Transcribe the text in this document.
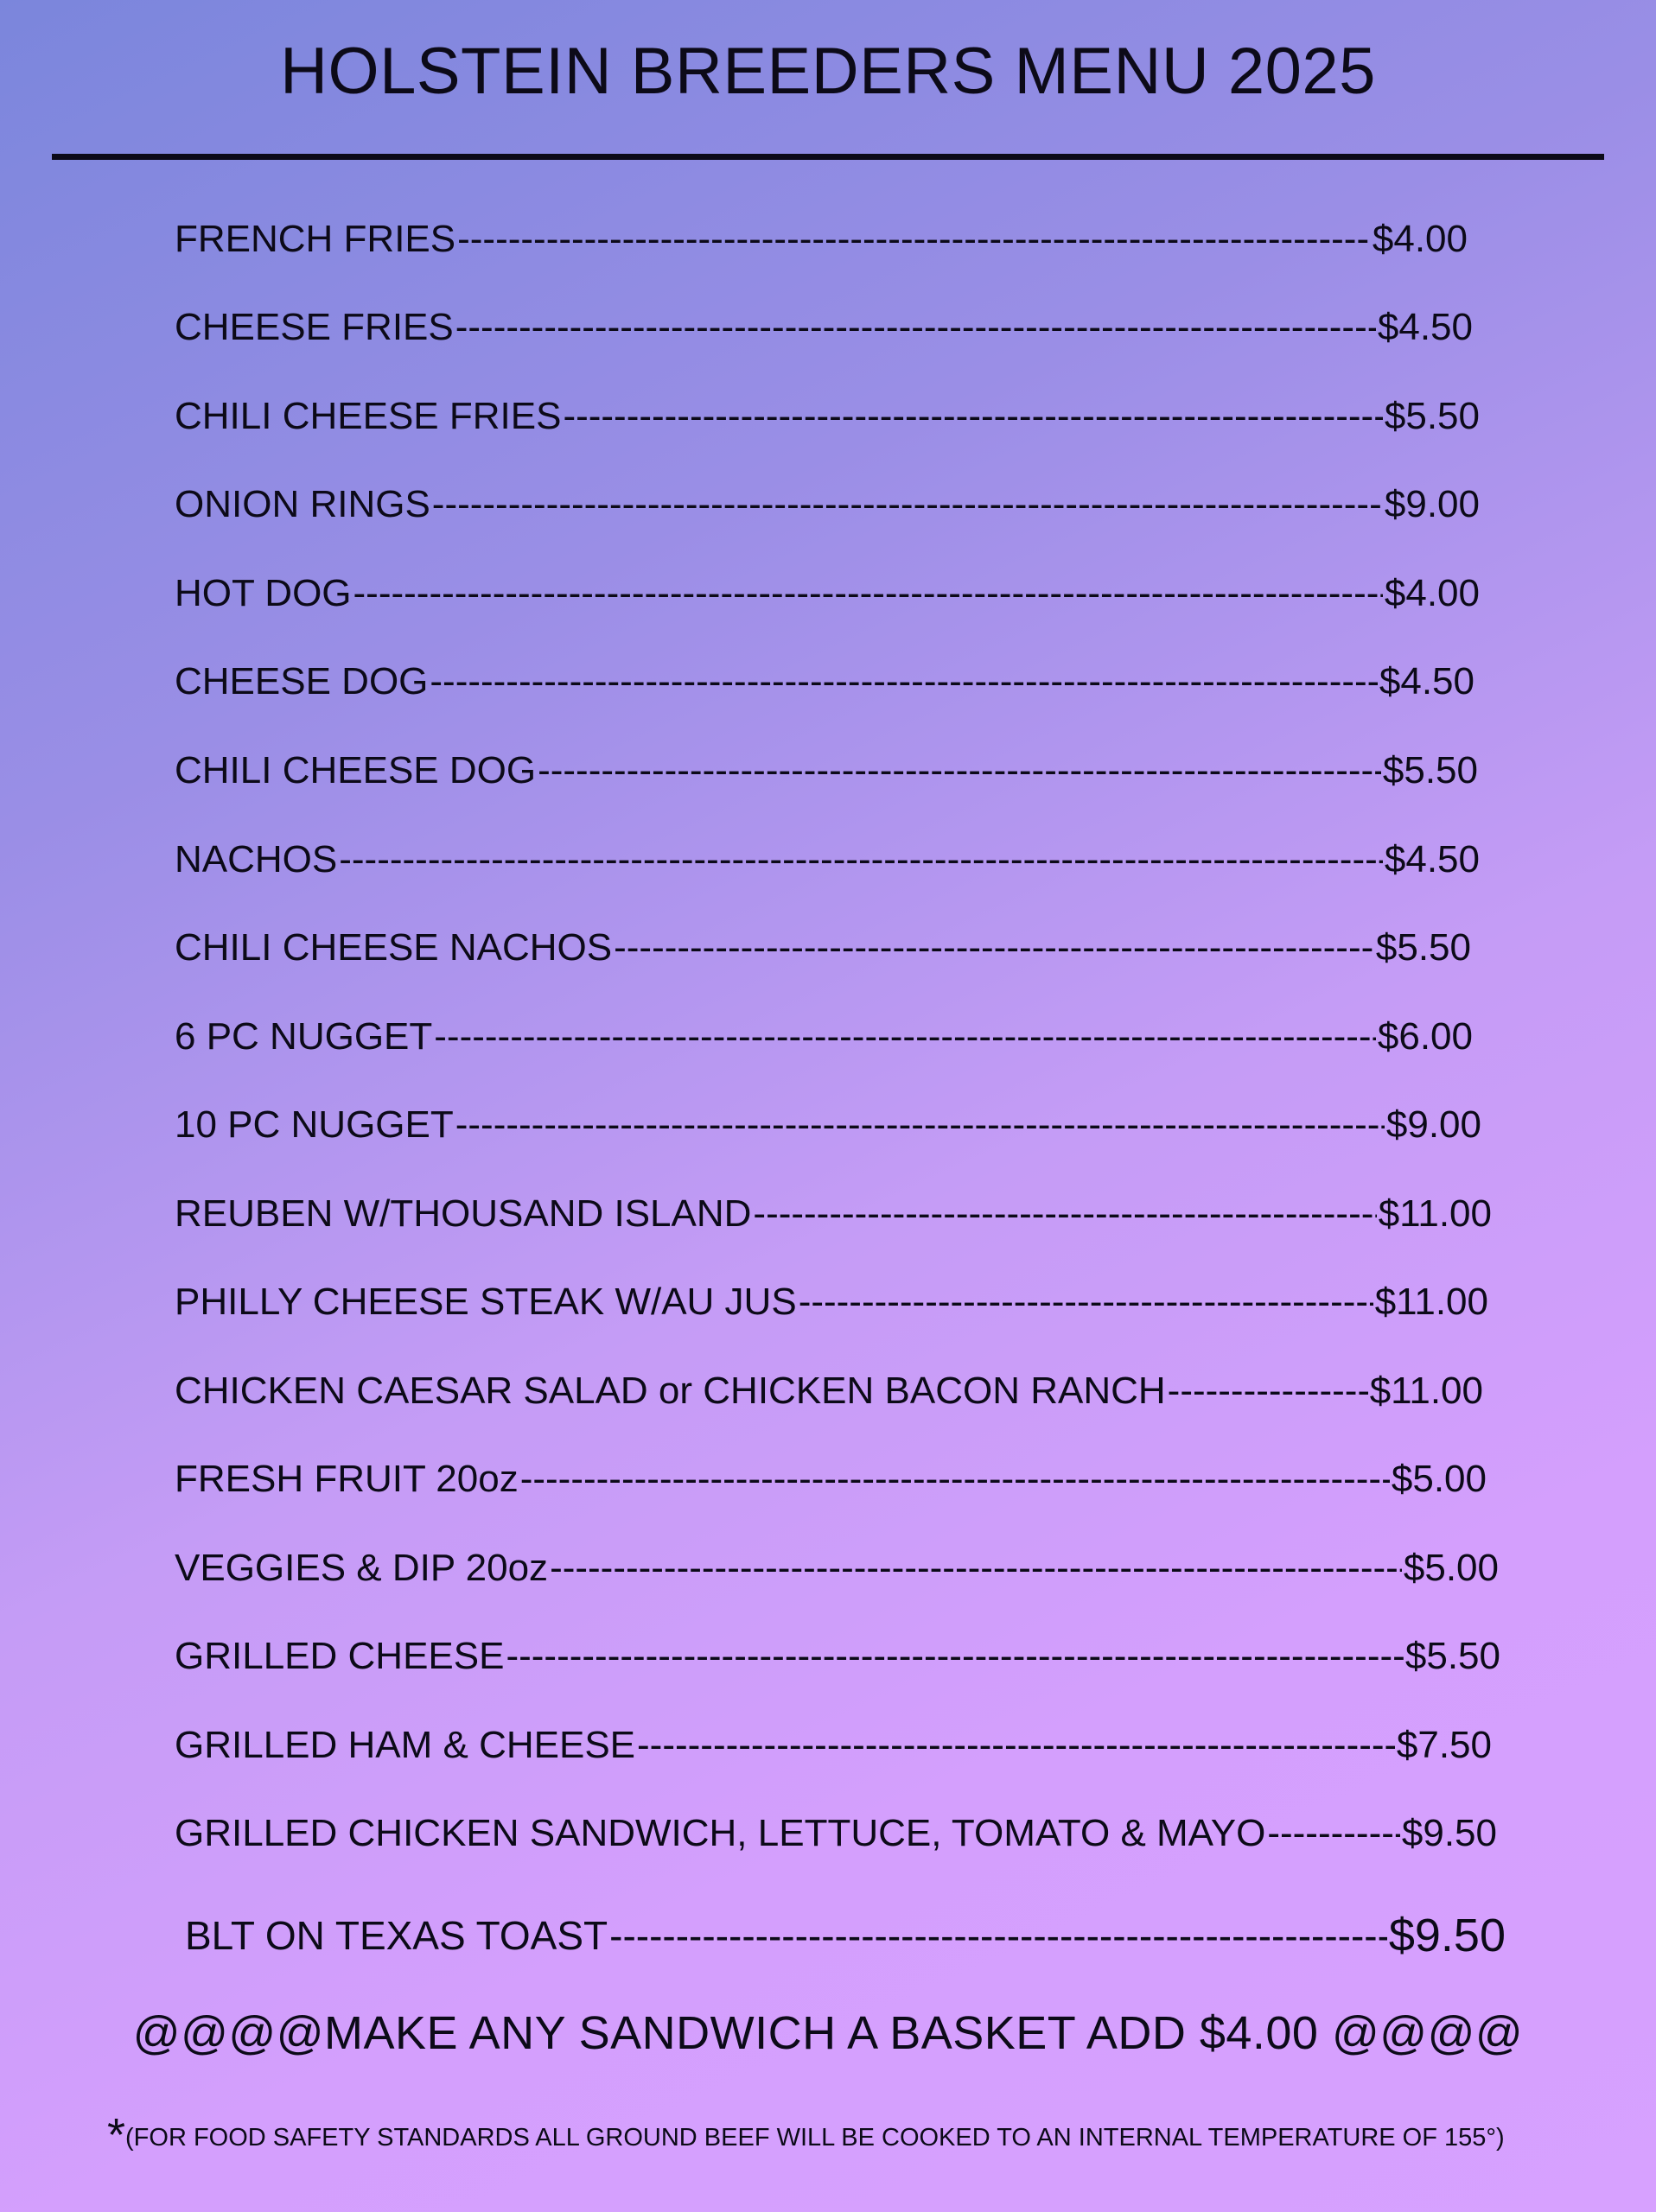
HOLSTEIN BREEDERS MENU 2025
FRENCH FRIES -----	$4.00
CHEESE FRIES -----	$4.50
CHILI CHEESE FRIES -----	$5.50
ONION RINGS -----	$9.00
HOT DOG -----	$4.00
CHEESE DOG -----	$4.50
CHILI CHEESE DOG -----	$5.50
NACHOS -----	$4.50
CHILI CHEESE NACHOS -----	$5.50
6 PC NUGGET -----	$6.00
10 PC NUGGET -----	$9.00
REUBEN W/THOUSAND ISLAND -----	$11.00
PHILLY CHEESE STEAK W/AU JUS -----	$11.00
CHICKEN CAESAR SALAD or CHICKEN BACON RANCH -----	$11.00
FRESH FRUIT 20oz -----	$5.00
VEGGIES & DIP 20oz -----	$5.00
GRILLED CHEESE -----	$5.50
GRILLED HAM & CHEESE -----	$7.50
GRILLED CHICKEN SANDWICH, LETTUCE, TOMATO & MAYO -----	$9.50
BLT ON TEXAS TOAST -----	$9.50
@@@@MAKE ANY SANDWICH A BASKET ADD $4.00 @@@@
*(FOR FOOD SAFETY STANDARDS ALL GROUND BEEF WILL BE COOKED TO AN INTERNAL TEMPERATURE OF 155°)
